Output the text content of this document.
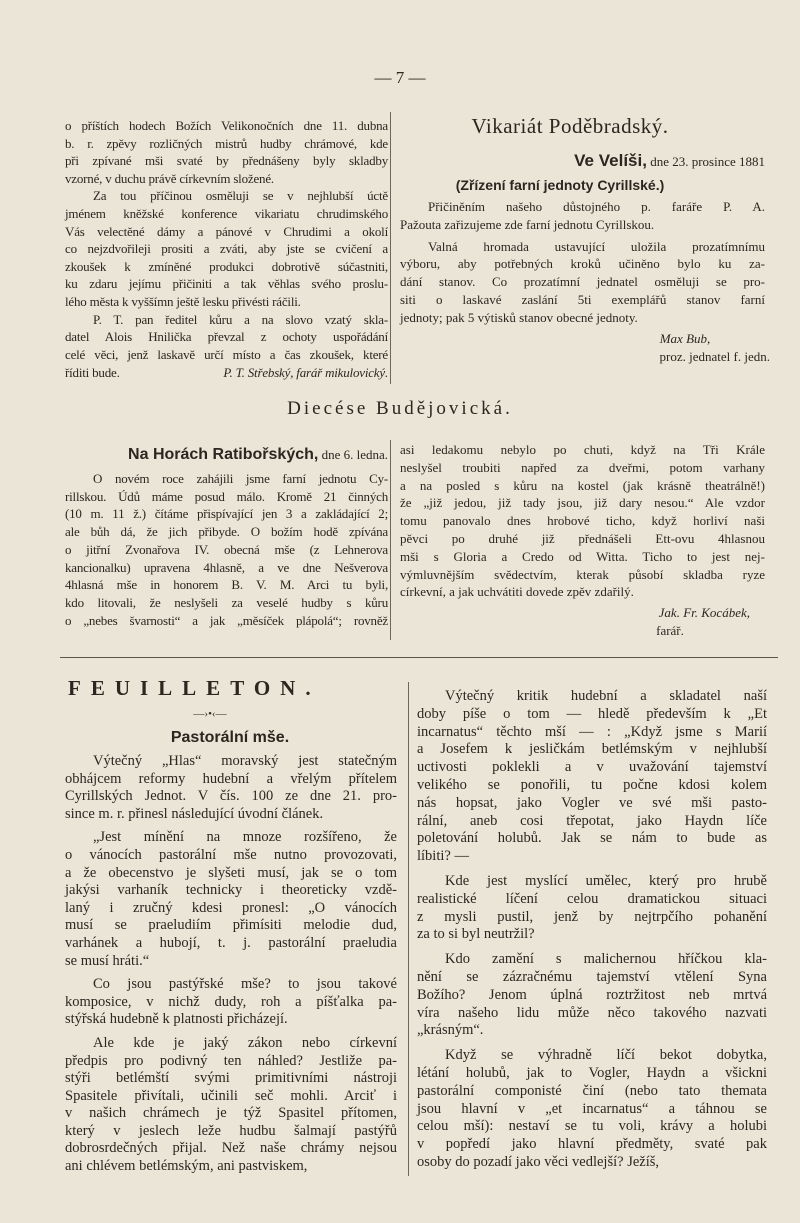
— 7 —
o příštích hodech Božích Velikonočních dne 11. dubna
b. r. zpěvy rozličných mistrů hudby chrámové, kde
při zpívané mši svaté by přednášeny byly skladby
vzorné, v duchu právě církevním složené.
Za tou příčinou osměluji se v nejhlubší úctě
jménem kněžské konference vikariatu chrudimského
Vás velectěné dámy a pánové v Chrudimi a okolí
co nejzdvořileji prositi a zváti, aby jste se cvičení a
zkoušek k zmíněné produkci dobrotivě súčastniti,
ku zdaru jejímu přičiniti a tak věhlas svého proslu-
lého města k vyššímn ještě lesku přivésti ráčili.
P. T. pan ředitel kůru a na slovo vzatý skla-
datel Alois Hnilička převzal z ochoty uspořádání
celé věci, jenž laskavě určí místo a čas zkoušek, které
říditi bude.	P. T. Střebský, farář mikulovický.
Vikariát Poděbradský.
Ve Velíši, dne 23. prosince 1881
(Zřízení farní jednoty Cyrillské.)
Přičiněním našeho důstojného p. faráře P. A.
Pažouta zařizujeme zde farní jednotu Cyrillskou.
Valná hromada ustavující uložila prozatímnímu
výboru, aby potřebných kroků učiněno bylo ku za-
dání stanov. Co prozatímní jednatel osměluji se pro-
siti o laskavé zaslání 5ti exemplářů stanov farní
jednoty; pak 5 výtisků stanov obecné jednoty.
Max Bub,
proz. jednatel f. jedn.
Diecése Budějovická.
Na Horách Ratibořských, dne 6. ledna.
O novém roce zahájili jsme farní jednotu Cy-
rillskou. Údů máme posud málo. Kromě 21 činných
(10 m. 11 ž.) čítáme přispívající jen 3 a zakládající 2;
ale bůh dá, že jich přibyde. O božím hodě zpívána
o jitřní Zvonařova IV. obecná mše (z Lehnerova
kancionalku) upravena 4hlasně, a ve dne Nešverova
4hlasná mše in honorem B. V. M. Arci tu byli,
kdo litovali, že neslyšeli za veselé hudby s kůru
o „nebes švarnosti“ a jak „měsíček plápolá“; rovněž
asi ledakomu nebylo po chuti, když na Tři Krále
neslyšel troubiti napřed za dveřmi, potom varhany
a na posled s kůru na kostel (jak krásně theatrálně!)
že „již jedou, již tady jsou, již dary nesou.“ Ale vzdor
tomu panovalo dnes hrobové ticho, když horliví naši
pěvci po druhé již přednášeli Ett-ovu 4hlasnou
mši s Gloria a Credo od Witta. Ticho to jest nej-
výmluvnějším svědectvím, kterak působí skladba ryze
církevní, a jak uchvátiti dovede zpěv zdařilý.
Jak. Fr. Kocábek,
farář.
FEUILLETON.
—›•‹—
Pastorální mše.
Výtečný „Hlas“ moravský jest statečným
obhájcem reformy hudební a vřelým přítelem
Cyrillských Jednot. V čís. 100 ze dne 21. pro-
since m. r. přinesl následující úvodní článek.
„Jest mínění na mnoze rozšířeno, že
o vánocích pastorální mše nutno provozovati,
a že obecenstvo je slyšeti musí, jak se o tom
jakýsi varhaník technicky i theoreticky vzdě-
laný i zručný kdesi pronesl: „O vánocích
musí se praeludiím přimísiti melodie dud,
varhánek a hubojí, t. j. pastorální praeludia
se musí hráti.“
Co jsou pastýřské mše? to jsou takové
komposice, v nichž dudy, roh a píšťalka pa-
stýřská hudebně k platnosti přicházejí.
Ale kde je jaký zákon nebo církevní
předpis pro podivný ten náhled? Jestliže pa-
stýři betlémští svými primitivními nástroji
Spasitele přivítali, učinili seč mohli. Arciť i
v našich chrámech je týž Spasitel přítomen,
který v jeslech leže hudbu šalmají pastýřů
dobrosrdečných přijal. Než naše chrámy nejsou
ani chlévem betlémským, ani pastviskem,
Výtečný kritik hudební a skladatel naší
doby píše o tom — hledě především k „Et
incarnatus“ těchto mší — : „Když jsme s Marií
a Josefem k jesličkám betlémským v nejhlubší
uctivosti poklekli a v uvažování tajemství
velikého se ponořili, tu počne kdosi kolem
nás hopsat, jako Vogler ve své mši pasto-
rální, aneb cosi třepotat, jako Haydn líče
poletování holubů. Jak se nám to bude as
líbiti? —
Kde jest myslící umělec, který pro hrubě
realistické líčení celou dramatickou situaci
z mysli pustil, jenž by nejtrpčího pohanění
za to si byl neutržil?
Kdo zamění s malichernou hříčkou kla-
nění se zázračnému tajemství vtělení Syna
Božího? Jenom úplná roztržitost neb mrtvá
víra našeho lidu může něco takového nazvati
„krásným“.
Když se výhradně líčí bekot dobytka,
létání holubů, jak to Vogler, Haydn a všickni
pastorální componisté činí (nebo tato themata
jsou hlavní v „et incarnatus“ a táhnou se
celou mší): nestaví se tu voli, krávy a holubi
v popředí jako hlavní předměty, svaté pak
osoby do pozadí jako věci vedlejší? Ježíš,
